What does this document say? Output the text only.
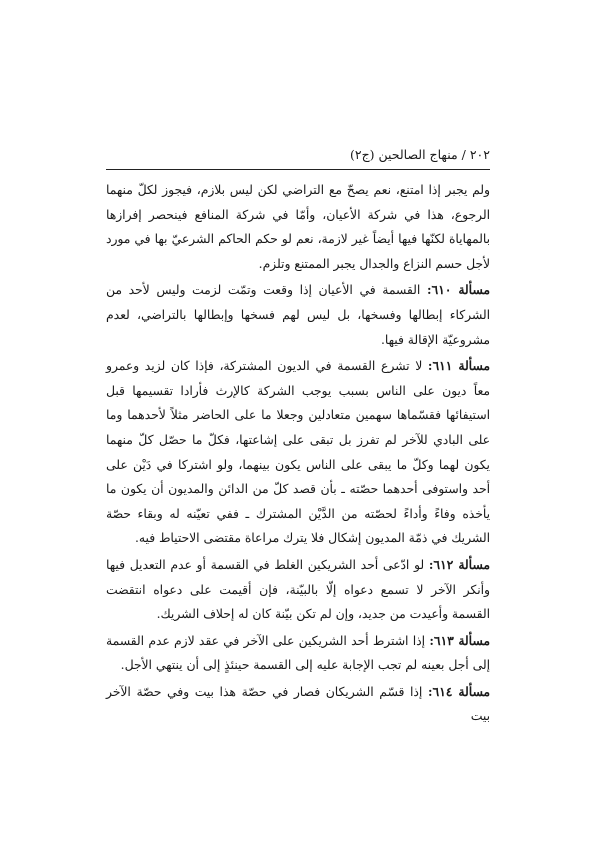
٢٠٢ / منهاج الصالحين (ج٢)

ولم يجبر إذا امتنع، نعم يصحّ مع التراضي لكن ليس بلازم، فيجوز لكلّ منهما الرجوع، هذا في شركة الأعيان، وأمّا في شركة المنافع فينحصر إفرازها بالمهاياة لكنّها فيها أيضاً غير لازمة، نعم لو حكم الحاكم الشرعيّ بها في مورد لأجل حسم النزاع والجدال يجبر الممتنع وتلزم.

مسألة ٦١٠: القسمة في الأعيان إذا وقعت وتمّت لزمت وليس لأحد من الشركاء إبطالها وفسخها، بل ليس لهم فسخها وإبطالها بالتراضي، لعدم مشروعيّة الإقالة فيها.

مسألة ٦١١: لا تشرع القسمة في الديون المشتركة، فإذا كان لزيد وعمرو معاً ديون على الناس بسبب يوجب الشركة كالإرث فأرادا تقسيمها قبل استيفائها فقسّماها سهمين متعادلين وجعلا ما على الحاضر مثلاً لأحدهما وما على البادي للآخر لم تفرز بل تبقى على إشاعتها، فكلّ ما حصّل كلّ منهما يكون لهما وكلّ ما يبقى على الناس يكون بينهما، ولو اشتركا في دَيْن على أحد واستوفى أحدهما حصّته ـ بأن قصد كلّ من الدائن والمديون أن يكون ما يأخذه وفاءً وأداءً لحصّته من الدَّيْن المشترك ـ ففي تعيّنه له وبقاء حصّة الشريك في ذمّة المديون إشكال فلا يترك مراعاة مقتضى الاحتياط فيه.

مسألة ٦١٢: لو ادّعى أحد الشريكين الغلط في القسمة أو عدم التعديل فيها وأنكر الآخر لا تسمع دعواه إلّا بالبيّنة، فإن أقيمت على دعواه انتقضت القسمة وأعيدت من جديد، وإن لم تكن بيّنة كان له إحلاف الشريك.

مسألة ٦١٣: إذا اشترط أحد الشريكين على الآخر في عقد لازم عدم القسمة إلى أجل بعينه لم تجب الإجابة عليه إلى القسمة حينئذٍ إلى أن ينتهي الأجل.

مسألة ٦١٤: إذا قسّم الشريكان فصار في حصّة هذا بيت وفي حصّة الآخر بيت
